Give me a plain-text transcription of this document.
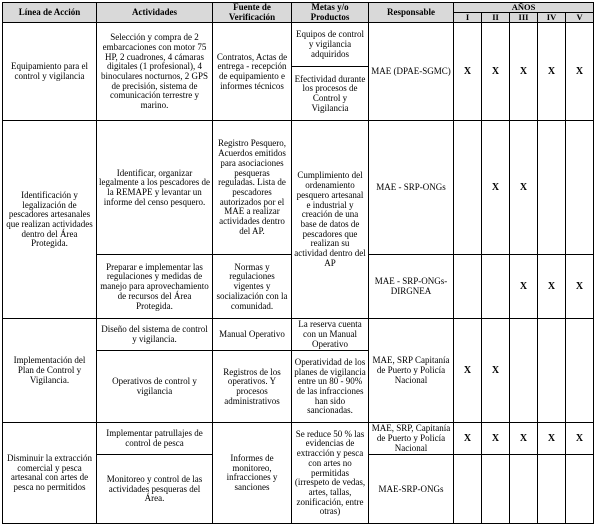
Línea de Acción	Actividades	Fuente de Verificación	Metas y/o Productos	Responsable	AÑOS				
					I	II	III	IV	V
Equipamiento para el control y vigilancia	Selección y compra de 2 embarcaciones con motor 75 HP, 2 cuadrones, 4 cámaras digitales (1 profesional), 4 binoculares nocturnos, 2 GPS de precisión, sistema de comunicación terrestre y marino.	Contratos, Actas de entrega - recepción de equipamiento e informes técnicos	Equipos de control y vigilancia adquiridos
Efectividad durante los procesos de Control y Vigilancia	MAE (DPAE-SGMC)	X	X	X	X	X
Identificación y legalización de pescadores artesanales que realizan actividades dentro del Área Protegida.	Identificar, organizar legalmente a los pescadores de la REMAPE y levantar un informe del censo pesquero.	Registro Pesquero, Acuerdos emitidos para asociaciones pesqueras reguladas. Lista de pescadores autorizados por el MAE a realizar actividades dentro del AP.	Cumplimiento del ordenamiento pesquero artesanal e industrial y creación de una base de datos de pescadores que realizan su actividad dentro del AP	MAE - SRP-ONGs		X	X		
	Preparar e implementar las regulaciones y medidas de manejo para aprovechamiento de recursos del Área Protegida.	Normas y regulaciones vigentes y socialización con la comunidad.		MAE - SRP-ONGs-DIRGNEA			X	X	X
Implementación del Plan de Control y Vigilancia.	Diseño del sistema de control y vigilancia.	Manual Operativo	La reserva cuenta con un Manual Operativo	MAE, SRP Capitanía de Puerto y Policía Nacional	X	X			
	Operativos de control y vigilancia	Registros de los operativos. Y procesos administrativos	Operatividad de los planes de vigilancia entre un 80 - 90% de las infracciones han sido sancionadas.						
Disminuir la extracción comercial y pesca artesanal con artes de pesca no permitidos	Implementar patrullajes de control de pesca	Informes de monitoreo, infracciones y sanciones	Se reduce 50 % las evidencias de extracción y pesca con artes no permitidas (irrespeto de vedas, artes, tallas, zonificación, entre otras)	MAE, SRP, Capitanía de Puerto y Policía Nacional	X	X	X	X	X
	Monitoreo y control de las actividades pesqueras del Área.			MAE-SRP-ONGs					
